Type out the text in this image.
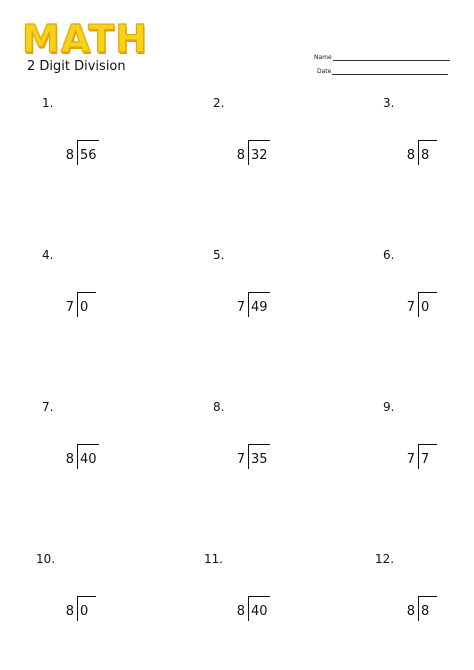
MATH
2 Digit Division
Name
Date
1.
8 56
2.
8 32
3.
8 8
4.
7 0
5.
7 49
6.
7 0
7.
8 40
8.
7 35
9.
7 7
10.
8 0
11.
8 40
12.
8 8
